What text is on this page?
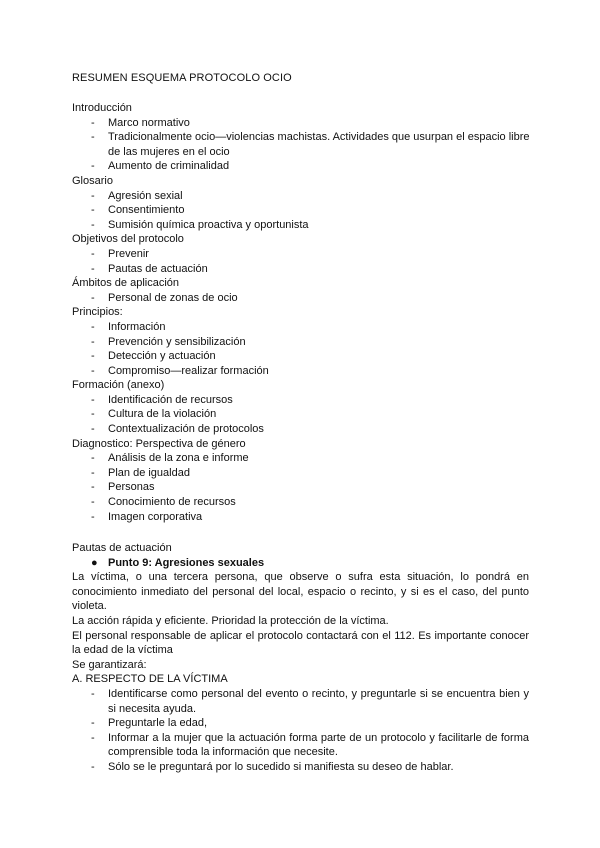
RESUMEN ESQUEMA PROTOCOLO OCIO
Introducción
- Marco normativo
- Tradicionalmente ocio—violencias machistas. Actividades que usurpan el espacio libre de las mujeres en el ocio
- Aumento de criminalidad
Glosario
- Agresión sexial
- Consentimiento
- Sumisión química proactiva y oportunista
Objetivos del protocolo
- Prevenir
- Pautas de actuación
Ámbitos de aplicación
- Personal de zonas de ocio
Principios:
- Información
- Prevención y sensibilización
- Detección y actuación
- Compromiso—realizar formación
Formación (anexo)
- Identificación de recursos
- Cultura de la violación
- Contextualización de protocolos
Diagnostico: Perspectiva de género
- Análisis de la zona e informe
- Plan de igualdad
- Personas
- Conocimiento de recursos
- Imagen corporativa
Pautas de actuación
● Punto 9: Agresiones sexuales
La víctima, o una tercera persona, que observe o sufra esta situación, lo pondrá en conocimiento inmediato del personal del local, espacio o recinto, y si es el caso, del punto violeta.
La acción rápida y eficiente. Prioridad la protección de la víctima.
El personal responsable de aplicar el protocolo contactará con el 112. Es importante conocer la edad de la víctima
Se garantizará:
A. RESPECTO DE LA VÍCTIMA
- Identificarse como personal del evento o recinto, y preguntarle si se encuentra bien y si necesita ayuda.
- Preguntarle la edad,
- Informar a la mujer que la actuación forma parte de un protocolo y facilitarle de forma comprensible toda la información que necesite.
- Sólo se le preguntará por lo sucedido si manifiesta su deseo de hablar.
